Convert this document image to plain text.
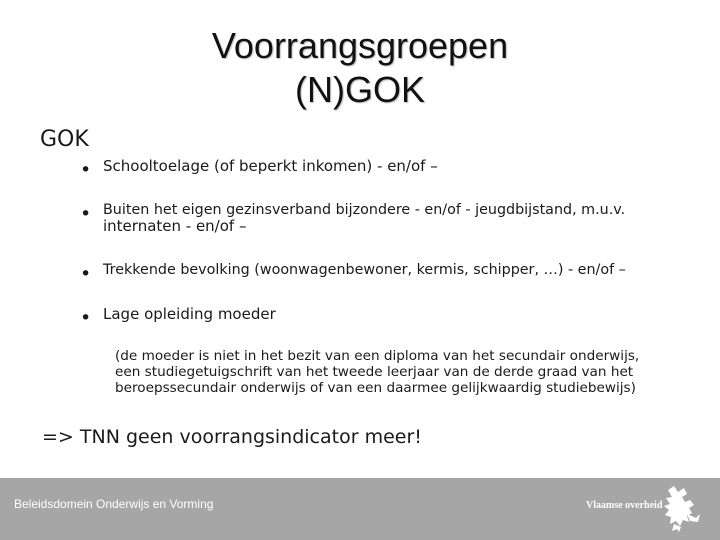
Voorrangsgroepen
(N)GOK
GOK
• Schooltoelage (of beperkt inkomen) - en/of –
• Buiten het eigen gezinsverband bijzondere - en/of - jeugdbijstand, m.u.v.
internaten - en/of –
• Trekkende bevolking (woonwagenbewoner, kermis, schipper, …) - en/of –
• Lage opleiding moeder
(de moeder is niet in het bezit van een diploma van het secundair onderwijs,
een studiegetuigschrift van het tweede leerjaar van de derde graad van het
beroepssecundair onderwijs of van een daarmee gelijkwaardig studiebewijs)
=> TNN geen voorrangsindicator meer!
Beleidsdomein Onderwijs en Vorming	Vlaamse overheid
